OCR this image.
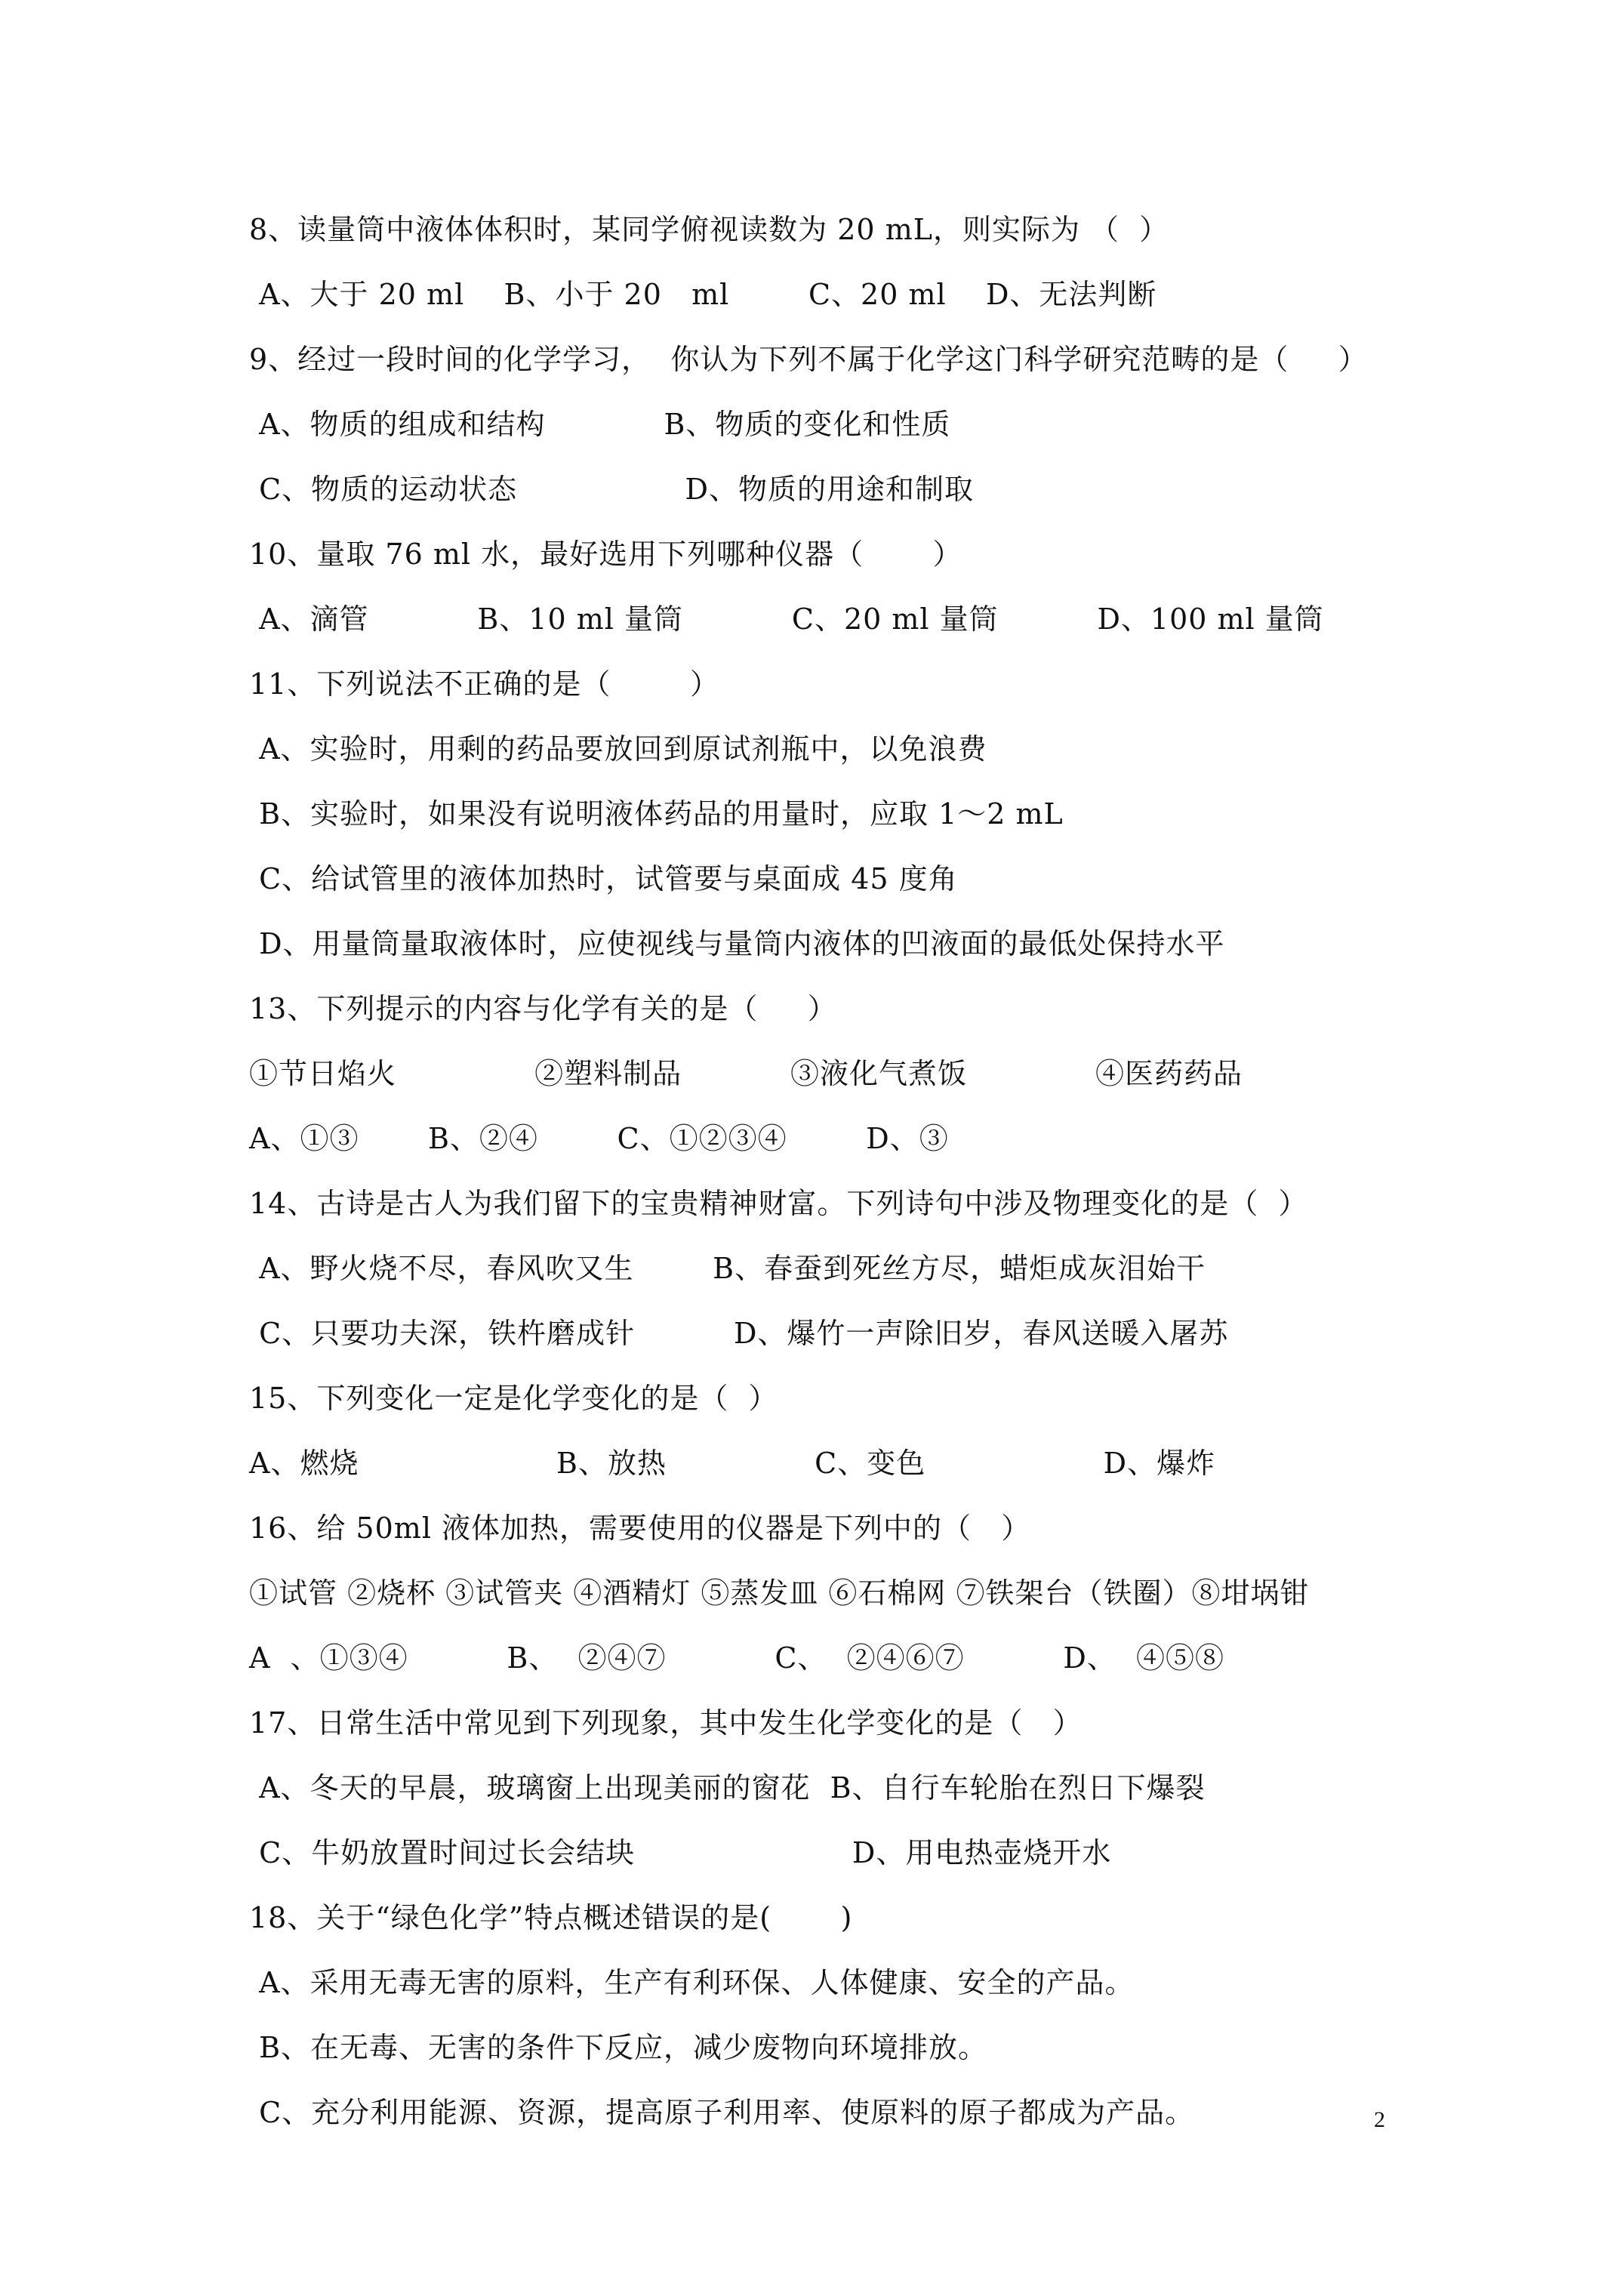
8、读量筒中液体体积时，某同学俯视读数为 20 mL，则实际为 （  ）
A、大于 20 ml    B、小于 20   ml        C、20 ml    D、无法判断
9、经过一段时间的化学学习，  你认为下列不属于化学这门科学研究范畴的是（     ）
A、物质的组成和结构            B、物质的变化和性质
C、物质的运动状态                 D、物质的用途和制取
10、量取 76 ml 水，最好选用下列哪种仪器（       ）
A、滴管           B、10 ml 量筒           C、20 ml 量筒          D、100 ml 量筒
11、下列说法不正确的是（        ）
A、实验时，用剩的药品要放回到原试剂瓶中，以免浪费
B、实验时，如果没有说明液体药品的用量时，应取 1～2 mL
C、给试管里的液体加热时，试管要与桌面成 45 度角
D、用量筒量取液体时，应使视线与量筒内液体的凹液面的最低处保持水平
13、下列提示的内容与化学有关的是（     ）
①节日焰火              ②塑料制品           ③液化气煮饭             ④医药药品
A、①③       B、②④        C、①②③④        D、③
14、古诗是古人为我们留下的宝贵精神财富。下列诗句中涉及物理变化的是（  ）
A、野火烧不尽，春风吹又生        B、春蚕到死丝方尽，蜡炬成灰泪始干
C、只要功夫深，铁杵磨成针          D、爆竹一声除旧岁，春风送暖入屠苏
15、下列变化一定是化学变化的是（  ）
A、燃烧                    B、放热               C、变色                  D、爆炸
16、给 50ml 液体加热，需要使用的仪器是下列中的（   ）
①试管 ②烧杯 ③试管夹 ④酒精灯 ⑤蒸发皿 ⑥石棉网 ⑦铁架台（铁圈）⑧坩埚钳
A  、①③④          B、  ②④⑦           C、  ②④⑥⑦          D、  ④⑤⑧
17、日常生活中常见到下列现象，其中发生化学变化的是（   ）
A、冬天的早晨，玻璃窗上出现美丽的窗花  B、自行车轮胎在烈日下爆裂
C、牛奶放置时间过长会结块                      D、用电热壶烧开水
18、关于“绿色化学”特点概述错误的是(       )
A、采用无毒无害的原料，生产有利环保、人体健康、安全的产品。
B、在无毒、无害的条件下反应，减少废物向环境排放。
C、充分利用能源、资源，提高原子利用率、使原料的原子都成为产品。	2
